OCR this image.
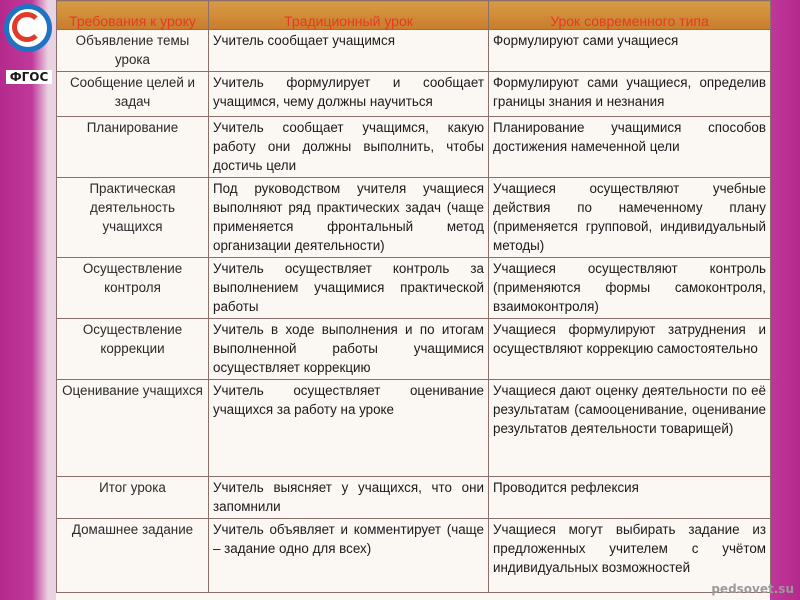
Требования к уроку	Традиционный урок	Урок современного типа

Объявление темы урока	Учитель сообщает учащимся	Формулируют сами учащиеся
Сообщение целей и задач	Учитель формулирует и сообщает учащимся, чему должны научиться	Формулируют сами учащиеся, определив границы знания и незнания
Планирование	Учитель сообщает учащимся, какую работу они должны выполнить, чтобы достичь цели	Планирование учащимися способов достижения намеченной цели
Практическая деятельность учащихся	Под руководством учителя учащиеся выполняют ряд практических задач (чаще применяется фронтальный метод организации деятельности)	Учащиеся осуществляют учебные действия по намеченному плану (применяется групповой, индивидуальный методы)
Осуществление контроля	Учитель осуществляет контроль за выполнением учащимися практической работы	Учащиеся осуществляют контроль (применяются формы самоконтроля, взаимоконтроля)
Осуществление коррекции	Учитель в ходе выполнения и по итогам выполненной работы учащимися осуществляет коррекцию	Учащиеся формулируют затруднения и осуществляют коррекцию самостоятельно
Оценивание учащихся	Учитель осуществляет оценивание учащихся за работу на уроке	Учащиеся дают оценку деятельности по её результатам (самооценивание, оценивание результатов деятельности товарищей)
Итог урока	Учитель выясняет у учащихся, что они запомнили	Проводится рефлексия
Домашнее задание	Учитель объявляет и комментирует (чаще – задание одно для всех)	Учащиеся могут выбирать задание из предложенных учителем с учётом индивидуальных возможностей
ФГОС
pedsovet.su
